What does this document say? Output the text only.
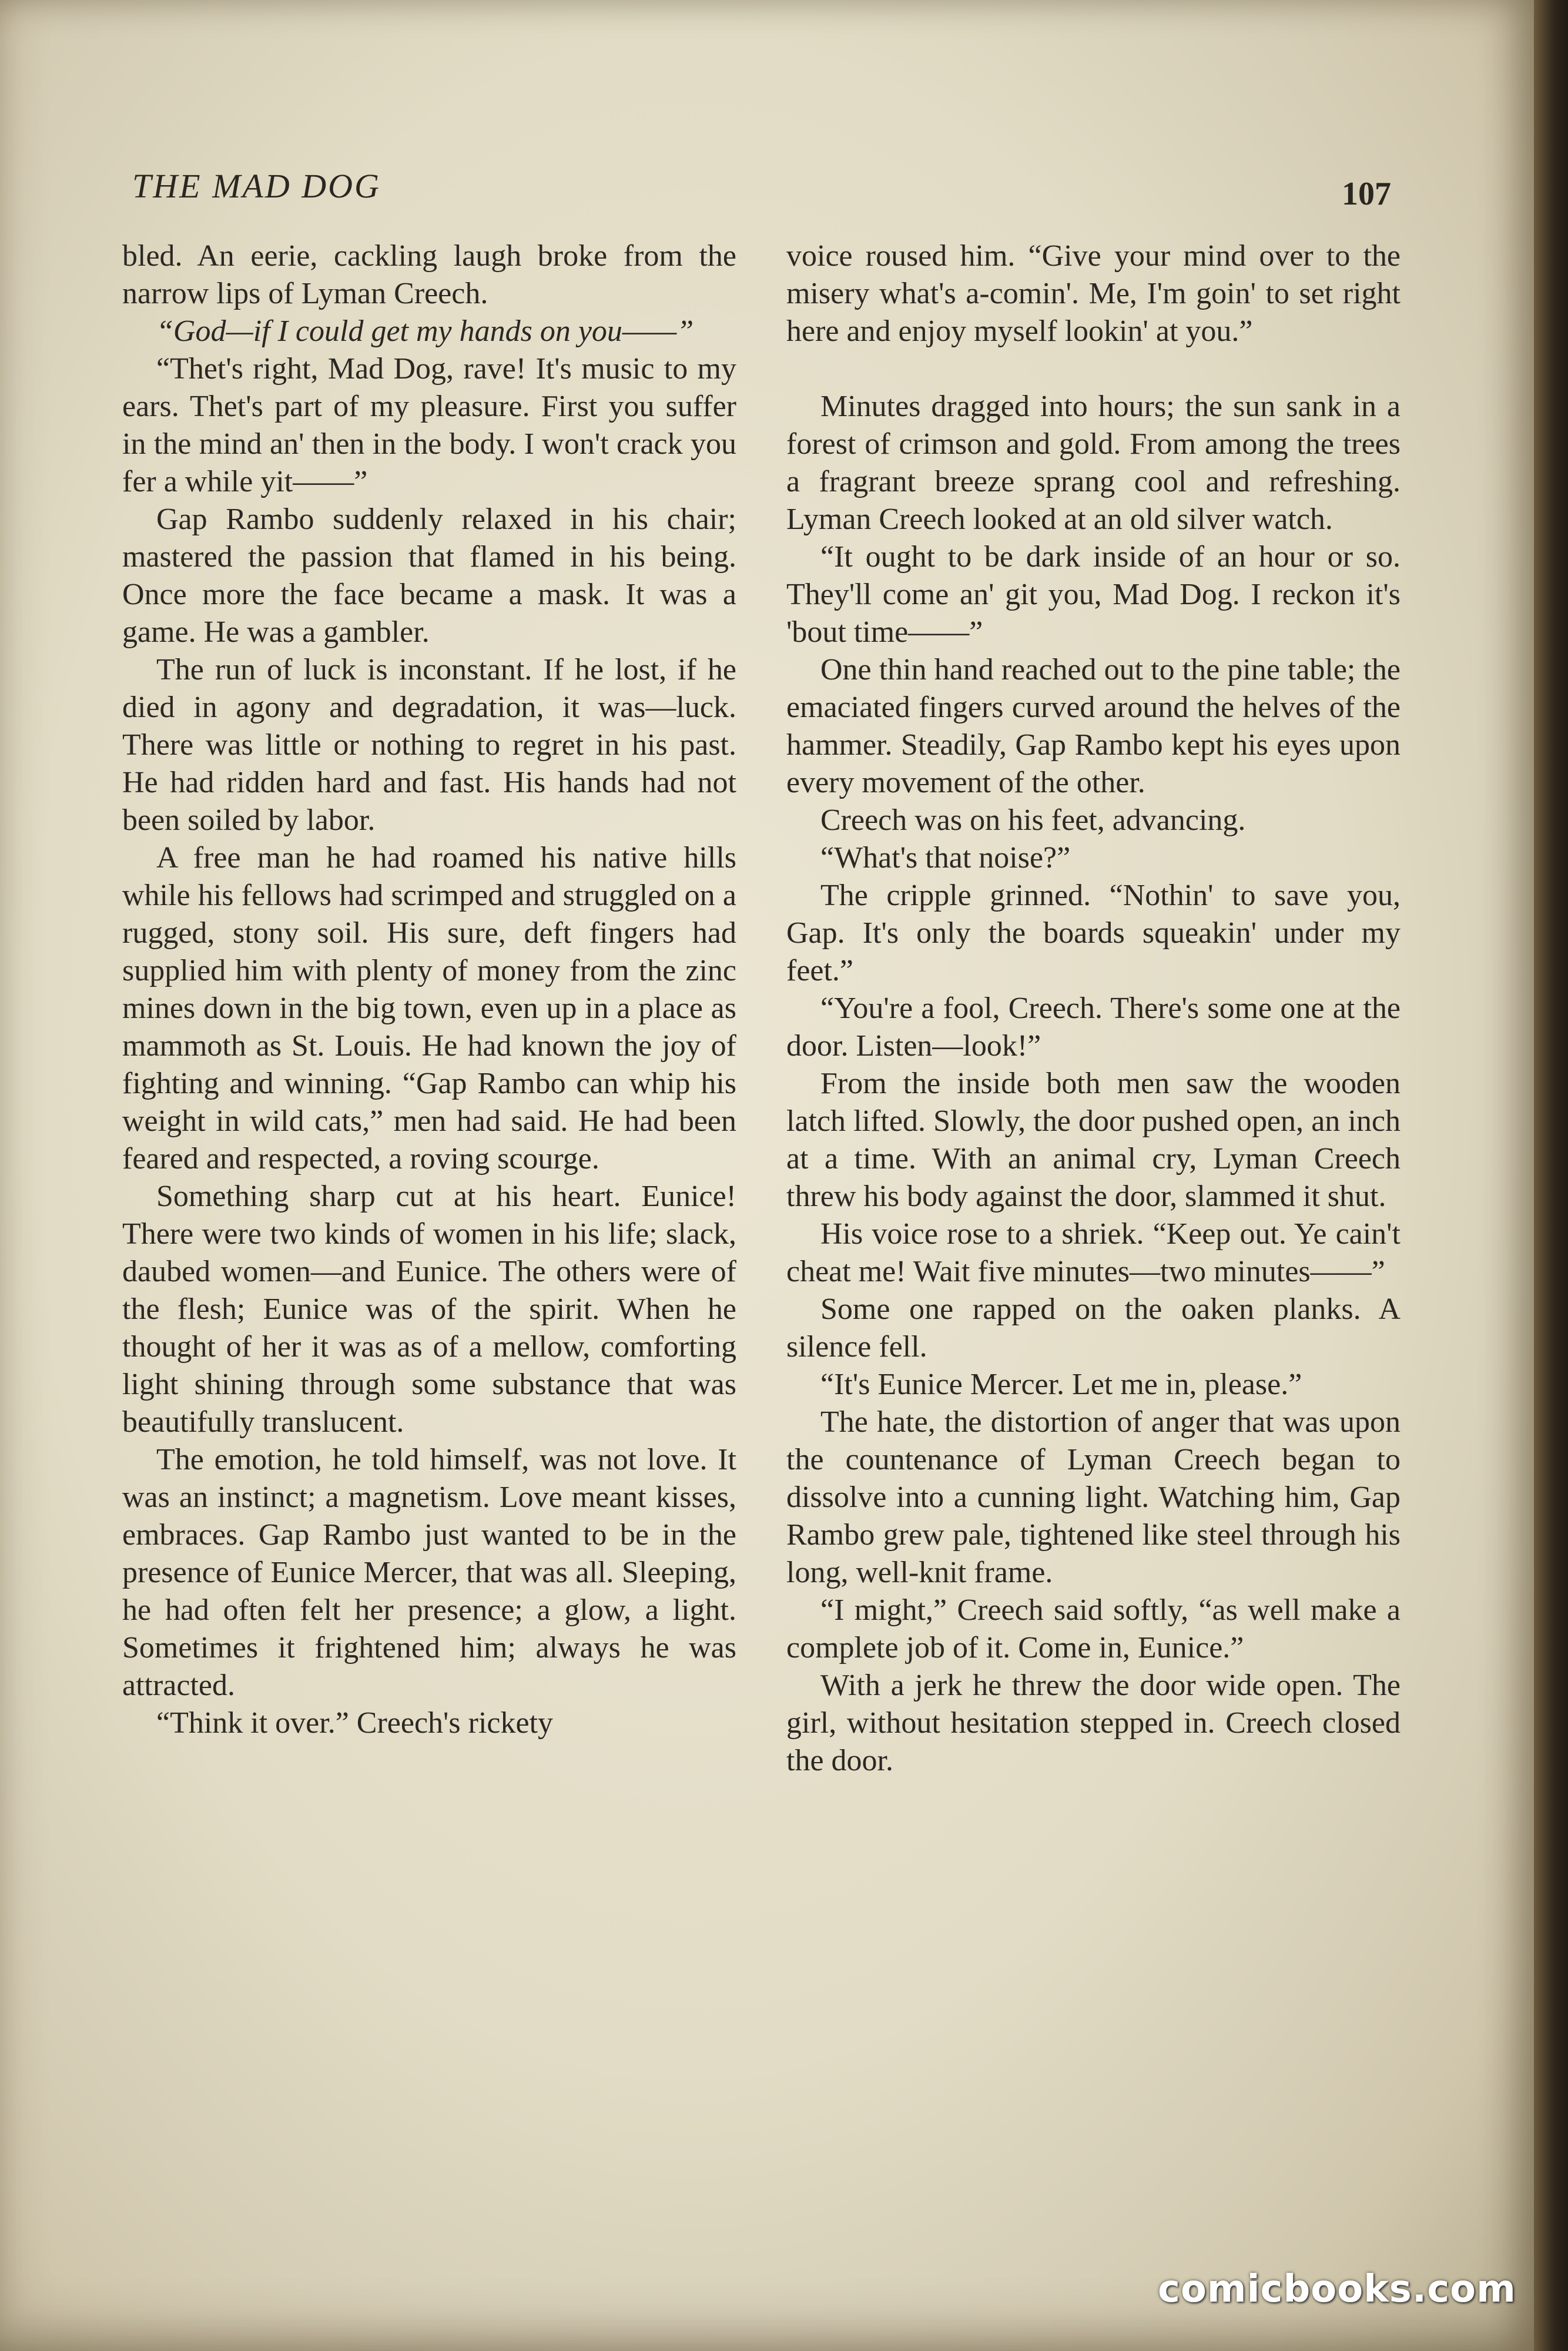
THE MAD DOG	107

bled. An eerie, cackling laugh broke from the narrow lips of Lyman Creech.

“God—if I could get my hands on you——”

“Thet's right, Mad Dog, rave! It's music to my ears. Thet's part of my pleasure. First you suffer in the mind an' then in the body. I won't crack you fer a while yit——”

Gap Rambo suddenly relaxed in his chair; mastered the passion that flamed in his being. Once more the face became a mask. It was a game. He was a gambler.

The run of luck is inconstant. If he lost, if he died in agony and degradation, it was—luck. There was little or nothing to regret in his past. He had ridden hard and fast. His hands had not been soiled by labor.

A free man he had roamed his native hills while his fellows had scrimped and struggled on a rugged, stony soil. His sure, deft fingers had supplied him with plenty of money from the zinc mines down in the big town, even up in a place as mammoth as St. Louis. He had known the joy of fighting and winning. “Gap Rambo can whip his weight in wild cats,” men had said. He had been feared and respected, a roving scourge.

Something sharp cut at his heart. Eunice! There were two kinds of women in his life; slack, daubed women—and Eunice. The others were of the flesh; Eunice was of the spirit. When he thought of her it was as of a mellow, comforting light shining through some substance that was beautifully translucent.

The emotion, he told himself, was not love. It was an instinct; a magnetism. Love meant kisses, embraces. Gap Rambo just wanted to be in the presence of Eunice Mercer, that was all. Sleeping, he had often felt her presence; a glow, a light. Sometimes it frightened him; always he was attracted.

“Think it over.” Creech's rickety

voice roused him. “Give your mind over to the misery what's a-comin'. Me, I'm goin' to set right here and enjoy myself lookin' at you.”

Minutes dragged into hours; the sun sank in a forest of crimson and gold. From among the trees a fragrant breeze sprang cool and refreshing. Lyman Creech looked at an old silver watch.

“It ought to be dark inside of an hour or so. They'll come an' git you, Mad Dog. I reckon it's 'bout time——”

One thin hand reached out to the pine table; the emaciated fingers curved around the helves of the hammer. Steadily, Gap Rambo kept his eyes upon every movement of the other.

Creech was on his feet, advancing.

“What's that noise?”

The cripple grinned. “Nothin' to save you, Gap. It's only the boards squeakin' under my feet.”

“You're a fool, Creech. There's some one at the door. Listen—look!”

From the inside both men saw the wooden latch lifted. Slowly, the door pushed open, an inch at a time. With an animal cry, Lyman Creech threw his body against the door, slammed it shut.

His voice rose to a shriek. “Keep out. Ye cain't cheat me! Wait five minutes—two minutes——”

Some one rapped on the oaken planks. A silence fell.

“It's Eunice Mercer. Let me in, please.”

The hate, the distortion of anger that was upon the countenance of Lyman Creech began to dissolve into a cunning light. Watching him, Gap Rambo grew pale, tightened like steel through his long, well-knit frame.

“I might,” Creech said softly, “as well make a complete job of it. Come in, Eunice.”

With a jerk he threw the door wide open. The girl, without hesitation stepped in. Creech closed the door.

comicbooks.com
